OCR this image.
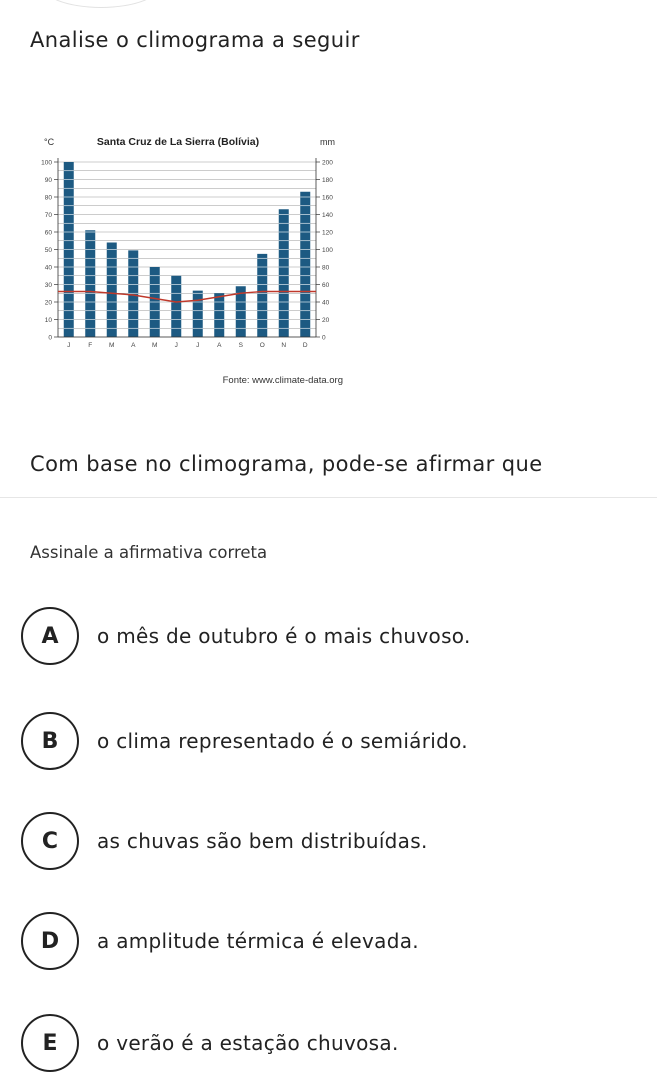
Analise o climograma a seguir
°C	Santa Cruz de La Sierra (Bolívia)	mm
0
10
20
30
40
50
60
70
80
90
100
0
20
40
60
80
100
120
140
160
180
200
J	F	M	A	M	J	J	A	S	O	N	D
Fonte: www.climate-data.org
Com base no climograma, pode-se afirmar que
Assinale a afirmativa correta
A	o mês de outubro é o mais chuvoso.
B	o clima representado é o semiárido.
C	as chuvas são bem distribuídas.
D	a amplitude térmica é elevada.
E	o verão é a estação chuvosa.
